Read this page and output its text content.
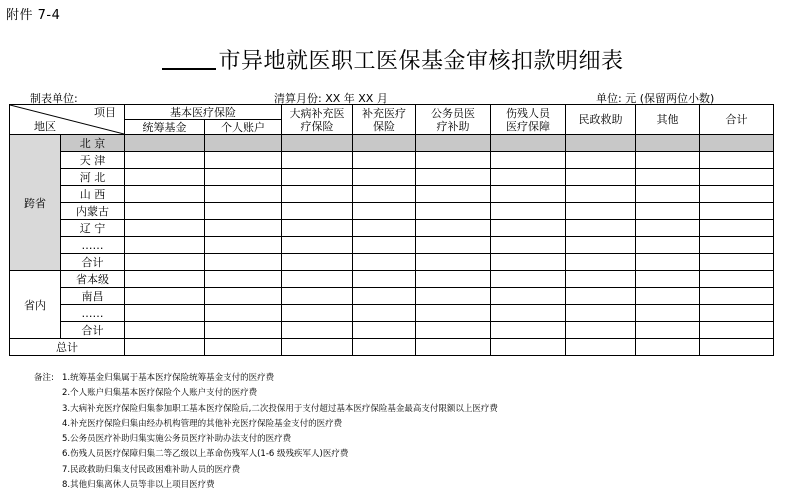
附件 7-4
市异地就医职工医保基金审核扣款明细表
制表单位:	清算月份: XX 年 XX 月	单位: 元 (保留两位小数)
项目
地区		基本医疗保险		大病补充医疗保险	补充医疗保险	公务员医疗补助	伤残人员医疗保障	民政救助	其他	合计
		统筹基金	个人账户							
跨省	北 京									
	天 津									
	河 北									
	山 西									
	内蒙古									
	辽 宁									
	……									
	合计									
省内	省本级									
	南昌									
	……									
	合计									
总计										
备注: 1.统筹基金归集属于基本医疗保险统筹基金支付的医疗费
2.个人账户归集基本医疗保险个人账户支付的医疗费
3.大病补充医疗保险归集参加职工基本医疗保险后,二次投保用于支付超过基本医疗保险基金最高支付限额以上医疗费
4.补充医疗保险归集由经办机构管理的其他补充医疗保险基金支付的医疗费
5.公务员医疗补助归集实施公务员医疗补助办法支付的医疗费
6.伤残人员医疗保障归集二等乙级以上革命伤残军人(1-6 级残疾军人)医疗费
7.民政救助归集支付民政困难补助人员的医疗费
8.其他归集离休人员等非以上项目医疗费
